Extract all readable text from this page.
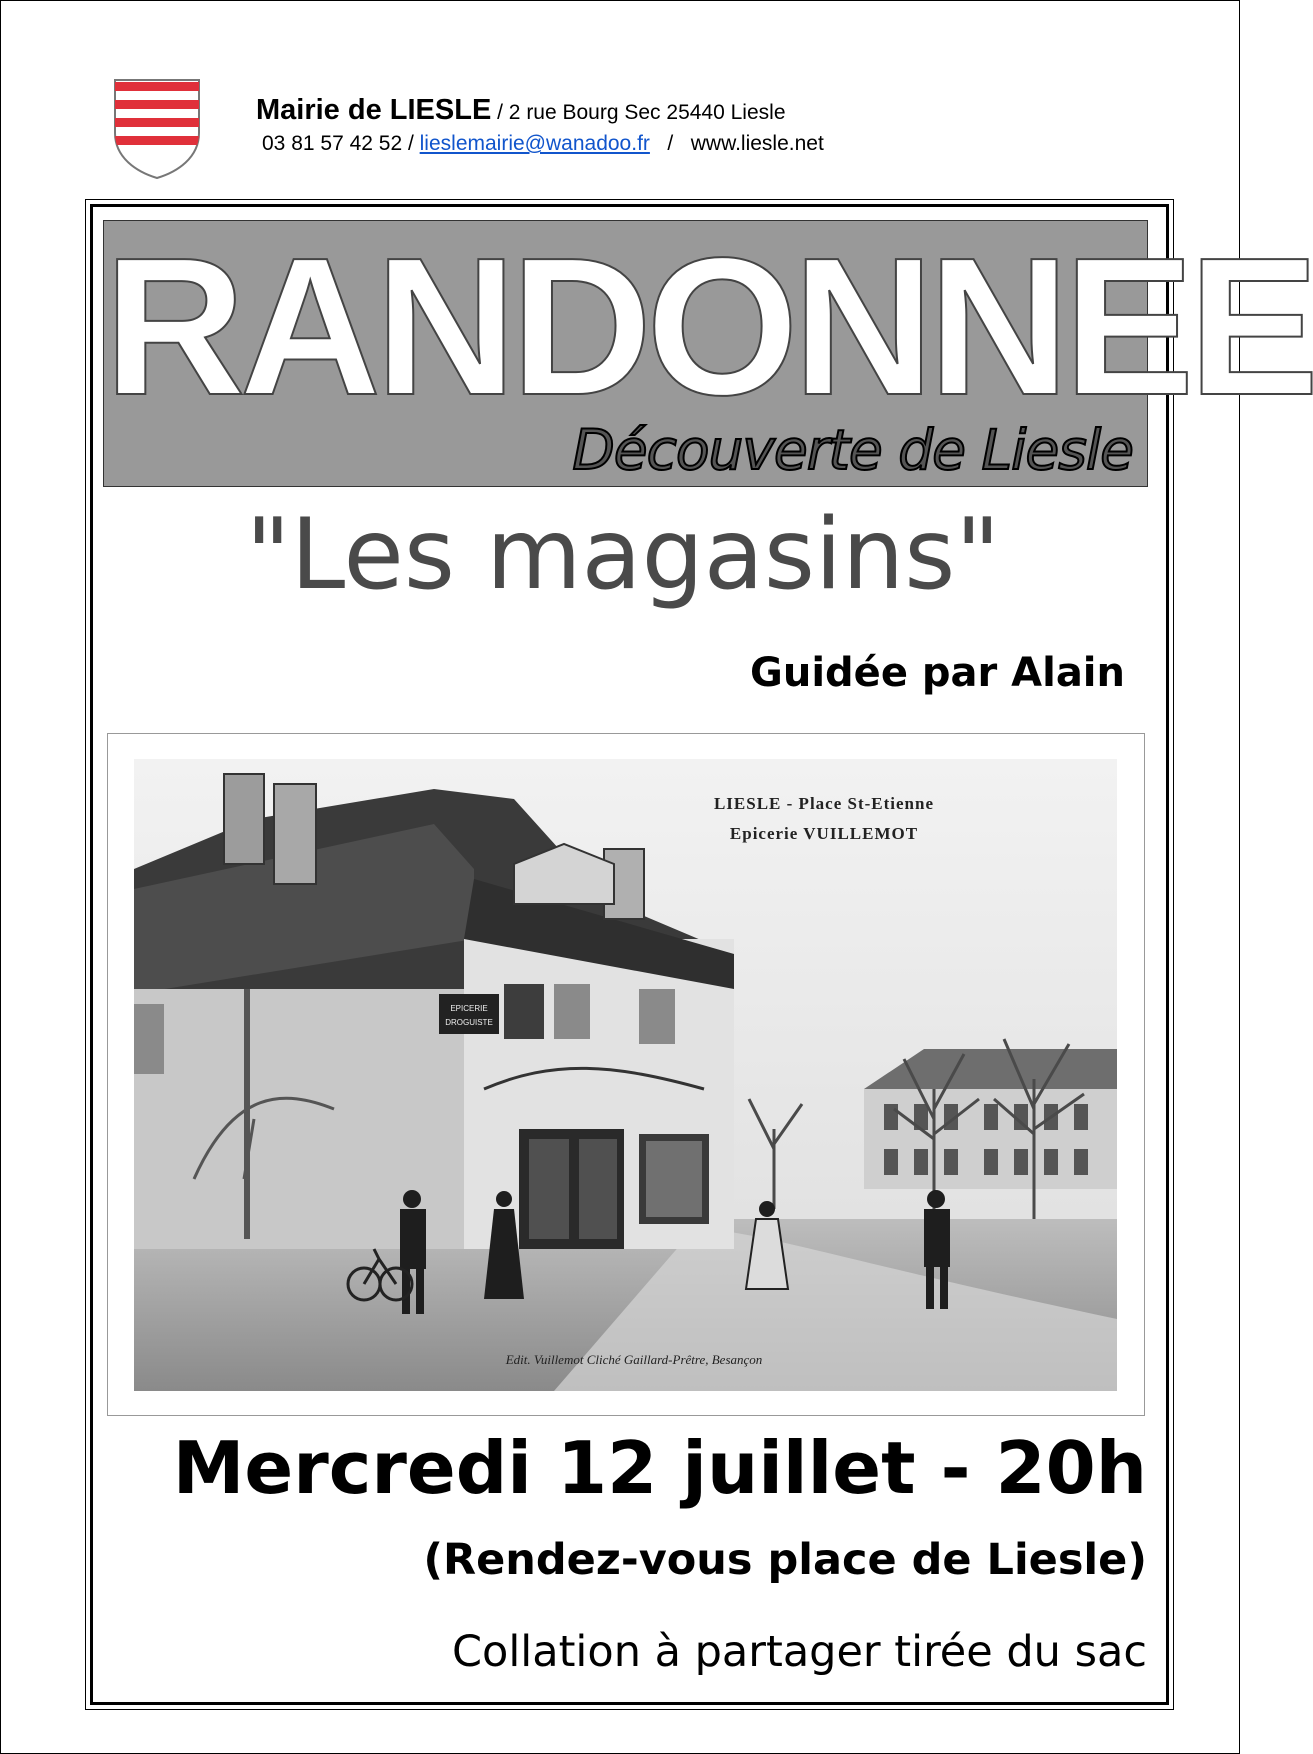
Mairie de LIESLE / 2 rue Bourg Sec 25440 Liesle
03 81 57 42 52 / lieslemairie@wanadoo.fr   /   www.liesle.net
RANDONNEE
Découverte de Liesle
"Les magasins"
Guidée par Alain
EPICERIE
DROGUISTE
LIESLE - Place St-Etienne
Epicerie VUILLEMOT
Edit. Vuillemot Cliché Gaillard-Prêtre, Besançon
Mercredi 12 juillet - 20h
(Rendez-vous place de Liesle)
Collation à partager tirée du sac
